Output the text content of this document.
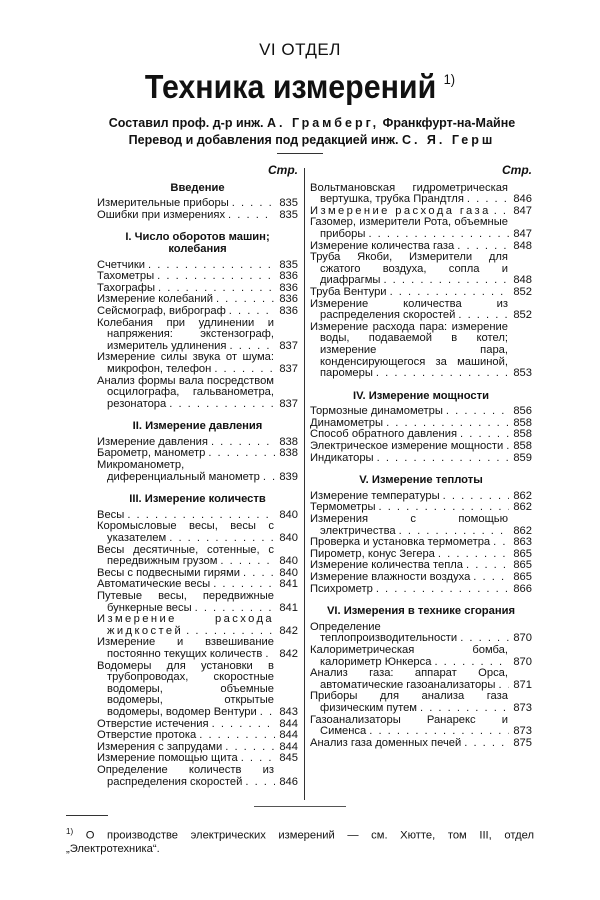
VI ОТДЕЛ
Техника измерений $^{1)}$
Составил проф. д-р инж. А. Грамберг, Франкфурт-на-Майне
Перевод и добавления под редакцией инж. С. Я. Герш
Стр.
Введение
Измерительные приборы . . .	835
Ошибки при измерениях . . .	835
I. Число оборотов машин; колебания
Счетчики . . .	835
Тахометры . . .	836
Тахографы . . .	836
Измерение колебаний . . .	836
Сейсмограф, виброграф . . .	836
Колебания при удлинении и напряжения: экстензограф, измеритель удлинения . . .	837
Измерение силы звука от шума: микрофон, телефон . . .	837
Анализ формы вала посредством осцилографа, гальванометра, резонатора . . .	837
II. Измерение давления
Измерение давления . . .	838
Барометр, манометр . . .	838
Микроманометр, диференциальный манометр . . .	839
III. Измерение количеств
Весы . . .	840
Коромысловые весы, весы с указателем . . .	840
Весы десятичные, сотенные, с передвижным грузом . . .	840
Весы с подвесными гирями . . .	840
Автоматические весы . . .	841
Путевые весы, передвижные бункерные весы . . .	841
Измерение расхода жидкостей . . .	842
Измерение и взвешивание постоянно текущих количеств . . .	842
Водомеры для установки в трубопроводах, скоростные водомеры, объемные водомеры, открытые водомеры, водомер Вентури . . .	843
Отверстие истечения . . .	844
Отверстие протока . . .	844
Измерения с запрудами . . .	844
Измерение помощью щита . . .	845
Определение количеств из распределения скоростей . . .	846
Стр.
Вольтмановская гидрометрическая вертушка, трубка Прандтля . . .	846
Измерение расхода газа . . .	847
Газомер, измерители Рота, объемные приборы . . .	847
Измерение количества газа . . .	848
Труба Якоби, Измерители для сжатого воздуха, сопла и диафрагмы . . .	848
Труба Вентури . . .	852
Измерение количества из распределения скоростей . . .	852
Измерение расхода пара: измерение воды, подаваемой в котел; измерение пара, конденсирующегося за машиной, паромеры . . .	853
IV. Измерение мощности
Тормозные динамометры . . .	856
Динамометры . . .	858
Способ обратного давления . . .	858
Электрическое измерение мощности . . . 858
Индикаторы . . .	859
V. Измерение теплоты
Измерение температуры . . .	862
Термометры . . .	862
Измерения с помощью электричества . . .	862
Проверка и установка термометра . . .	863
Пирометр, конус Зегера . . .	865
Измерение количества тепла . . .	865
Измерение влажности воздуха . . .	865
Психрометр . . .	866
VI. Измерения в технике сгорания
Определение теплопроизводительности . . .	870
Калориметрическая бомба, калориметр Юнкерса . . .	870
Анализ газа: аппарат Орса, автоматические газоанализаторы . . .	871
Приборы для анализа газа физическим путем . . .	873
Газоанализаторы Ранарекс и Сименса . . .	873
Анализ газа доменных печей . . .	875
$^{1)}$ О производстве электрических измерений — см. Хютте, том III, отдел „Электротехника“.
